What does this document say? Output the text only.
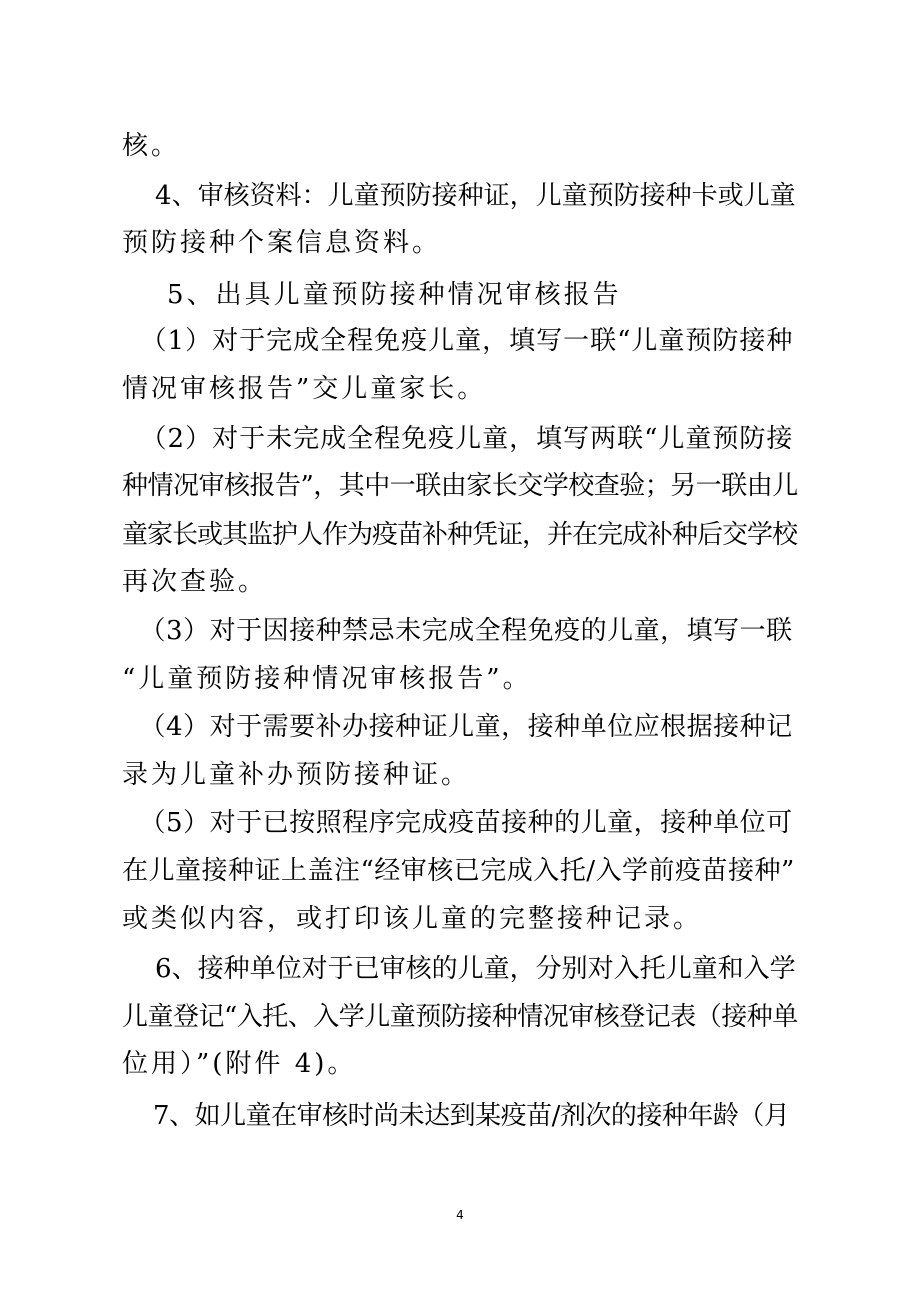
核。
4、审核资料：儿童预防接种证，儿童预防接种卡或儿童
预防接种个案信息资料。
5、出具儿童预防接种情况审核报告
（1）对于完成全程免疫儿童，填写一联“儿童预防接种
情况审核报告”交儿童家长。
（2）对于未完成全程免疫儿童，填写两联“儿童预防接
种情况审核报告”，其中一联由家长交学校查验；另一联由儿
童家长或其监护人作为疫苗补种凭证，并在完成补种后交学校
再次查验。
（3）对于因接种禁忌未完成全程免疫的儿童，填写一联
“儿童预防接种情况审核报告”。
（4）对于需要补办接种证儿童，接种单位应根据接种记
录为儿童补办预防接种证。
（5）对于已按照程序完成疫苗接种的儿童，接种单位可
在儿童接种证上盖注“经审核已完成入托/入学前疫苗接种”
或类似内容，或打印该儿童的完整接种记录。
6、接种单位对于已审核的儿童，分别对入托儿童和入学
儿童登记“入托、入学儿童预防接种情况审核登记表（接种单
位用）”(附件 4)。
7、如儿童在审核时尚未达到某疫苗/剂次的接种年龄（月
4
